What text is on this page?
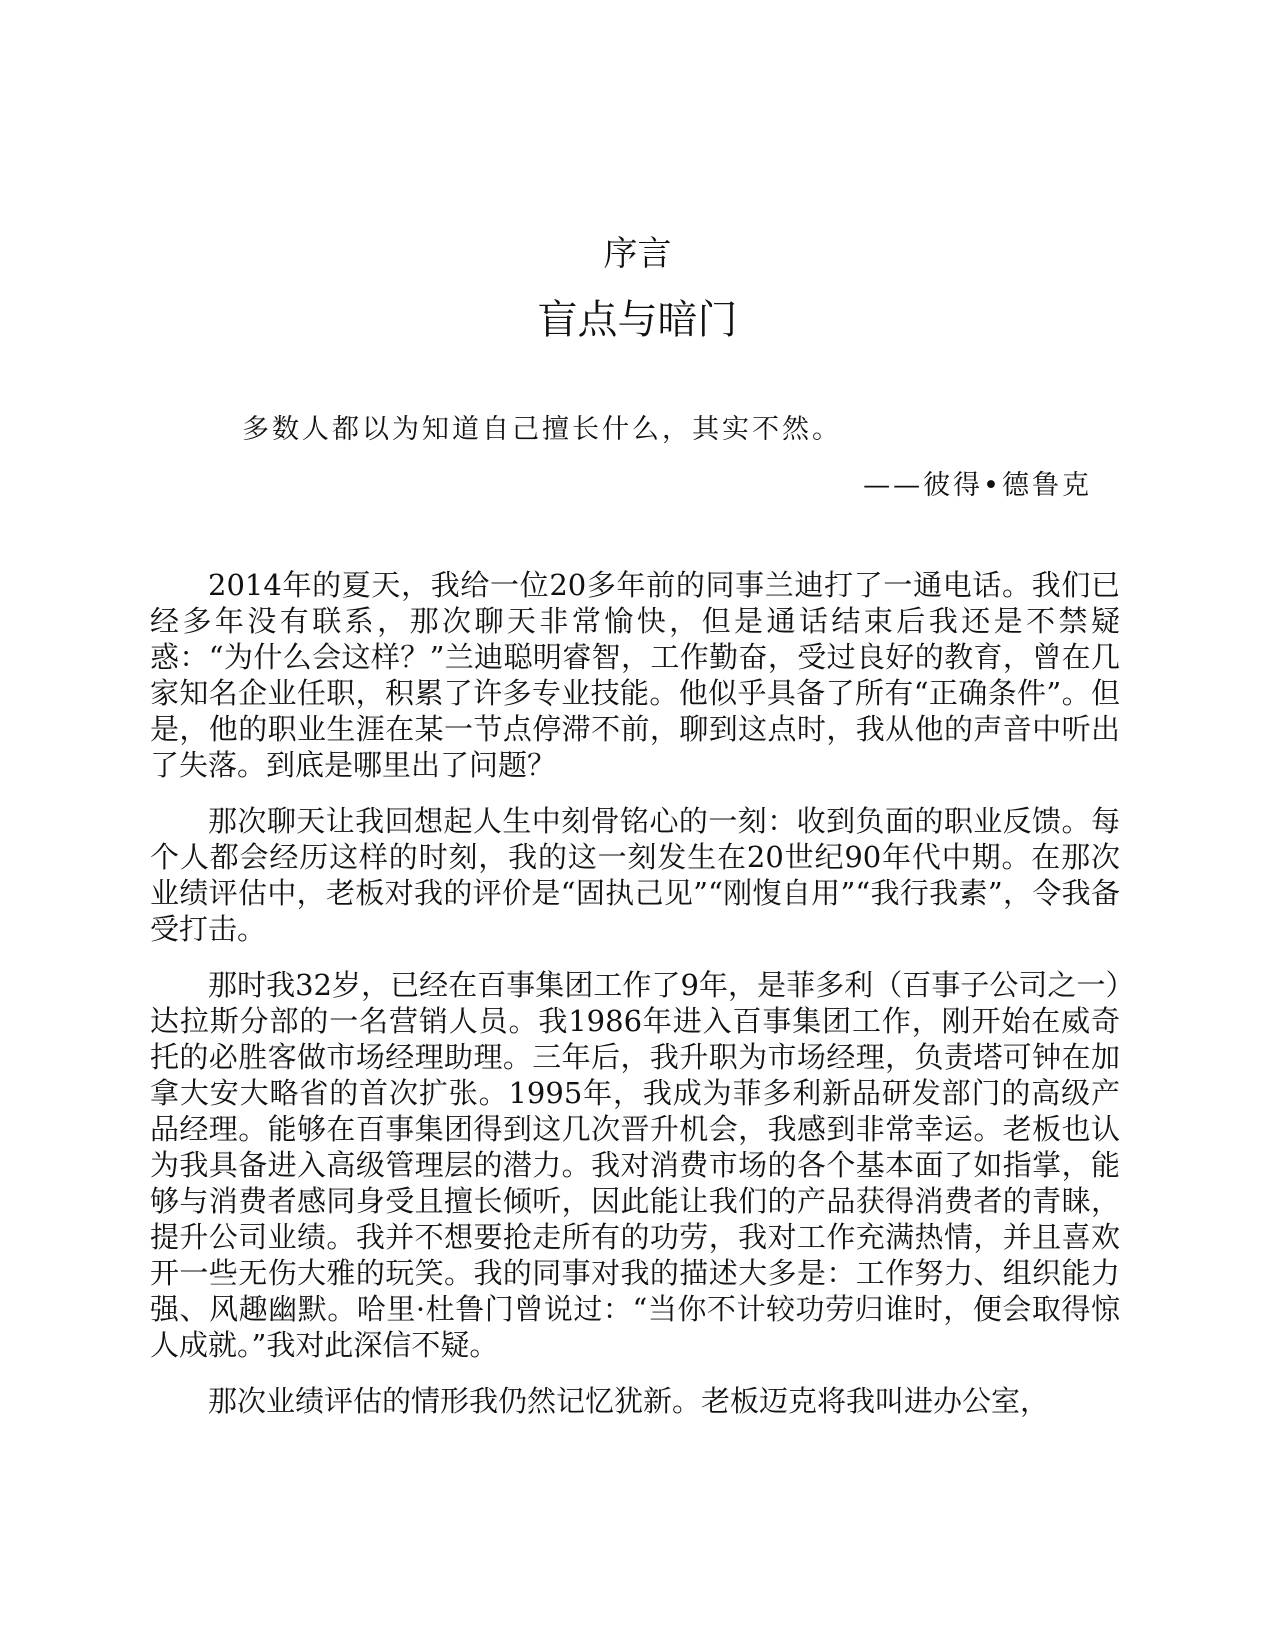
序言
盲点与暗门
多数人都以为知道自己擅长什么，其实不然。
——彼得•德鲁克

2014年的夏天，我给一位20多年前的同事兰迪打了一通电话。我们已经多年没有联系，那次聊天非常愉快，但是通话结束后我还是不禁疑惑：“为什么会这样？”兰迪聪明睿智，工作勤奋，受过良好的教育，曾在几家知名企业任职，积累了许多专业技能。他似乎具备了所有“正确条件”。但是，他的职业生涯在某一节点停滞不前，聊到这点时，我从他的声音中听出了失落。到底是哪里出了问题？

那次聊天让我回想起人生中刻骨铭心的一刻：收到负面的职业反馈。每个人都会经历这样的时刻，我的这一刻发生在20世纪90年代中期。在那次业绩评估中，老板对我的评价是“固执己见”“刚愎自用”“我行我素”，令我备受打击。

那时我32岁，已经在百事集团工作了9年，是菲多利（百事子公司之一）达拉斯分部的一名营销人员。我1986年进入百事集团工作，刚开始在威奇托的必胜客做市场经理助理。三年后，我升职为市场经理，负责塔可钟在加拿大安大略省的首次扩张。1995年，我成为菲多利新品研发部门的高级产品经理。能够在百事集团得到这几次晋升机会，我感到非常幸运。老板也认为我具备进入高级管理层的潜力。我对消费市场的各个基本面了如指掌，能够与消费者感同身受且擅长倾听，因此能让我们的产品获得消费者的青睐，提升公司业绩。我并不想要抢走所有的功劳，我对工作充满热情，并且喜欢开一些无伤大雅的玩笑。我的同事对我的描述大多是：工作努力、组织能力强、风趣幽默。哈里·杜鲁门曾说过：“当你不计较功劳归谁时，便会取得惊人成就。”我对此深信不疑。

那次业绩评估的情形我仍然记忆犹新。老板迈克将我叫进办公室，
